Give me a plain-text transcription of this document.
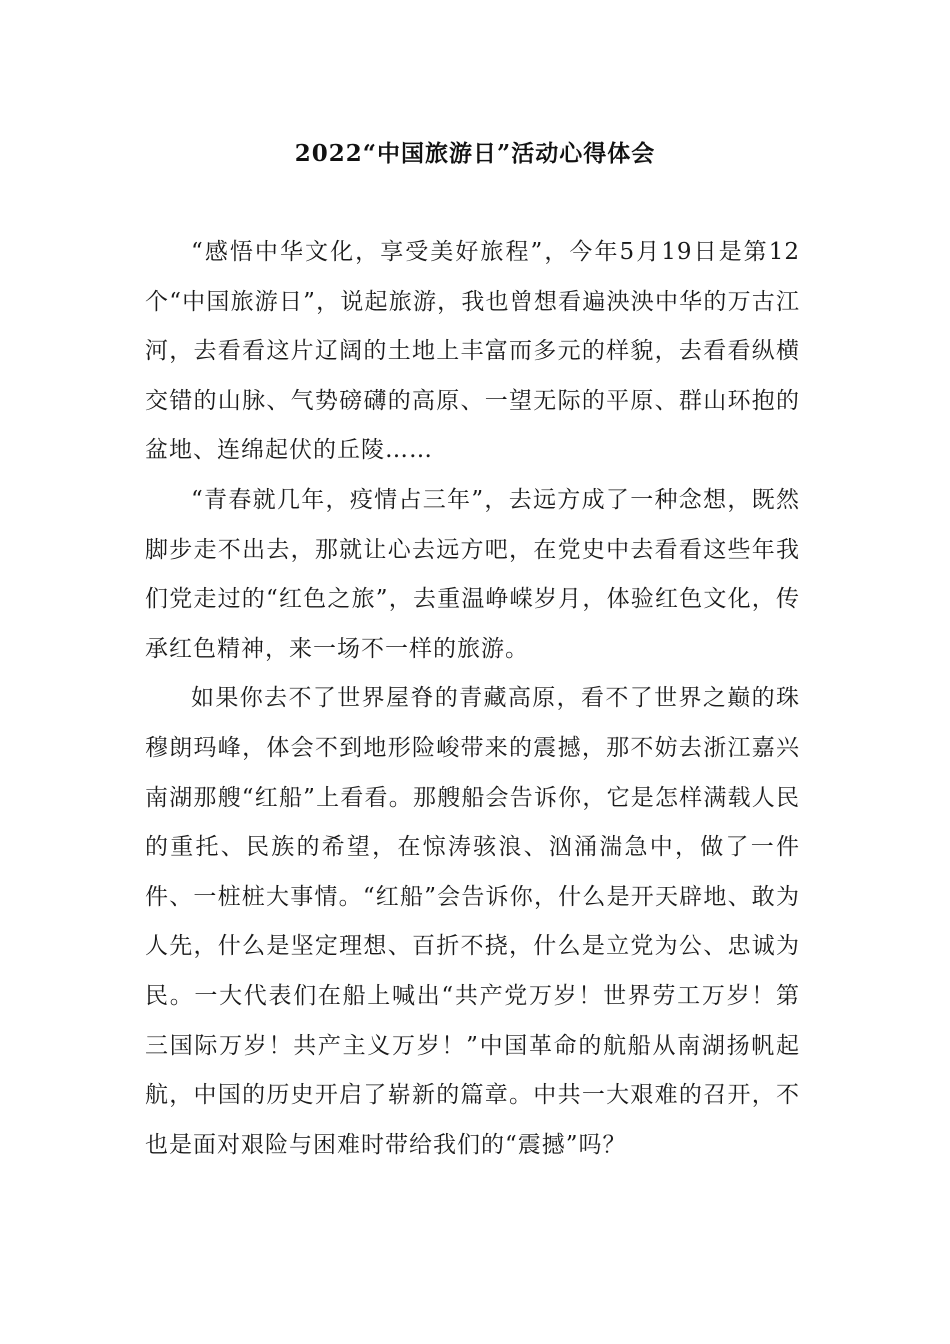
2022“中国旅游日”活动心得体会

“感悟中华文化，享受美好旅程”，今年5月19日是第12个“中国旅游日”，说起旅游，我也曾想看遍泱泱中华的万古江河，去看看这片辽阔的土地上丰富而多元的样貌，去看看纵横交错的山脉、气势磅礴的高原、一望无际的平原、群山环抱的盆地、连绵起伏的丘陵……

“青春就几年，疫情占三年”，去远方成了一种念想，既然脚步走不出去，那就让心去远方吧，在党史中去看看这些年我们党走过的“红色之旅”，去重温峥嵘岁月，体验红色文化，传承红色精神，来一场不一样的旅游。

如果你去不了世界屋脊的青藏高原，看不了世界之巅的珠穆朗玛峰，体会不到地形险峻带来的震撼，那不妨去浙江嘉兴南湖那艘“红船”上看看。那艘船会告诉你，它是怎样满载人民的重托、民族的希望，在惊涛骇浪、汹涌湍急中，做了一件件、一桩桩大事情。“红船”会告诉你，什么是开天辟地、敢为人先，什么是坚定理想、百折不挠，什么是立党为公、忠诚为民。一大代表们在船上喊出“共产党万岁！世界劳工万岁！第三国际万岁！共产主义万岁！”中国革命的航船从南湖扬帆起航，中国的历史开启了崭新的篇章。中共一大艰难的召开，不也是面对艰险与困难时带给我们的“震撼”吗？
